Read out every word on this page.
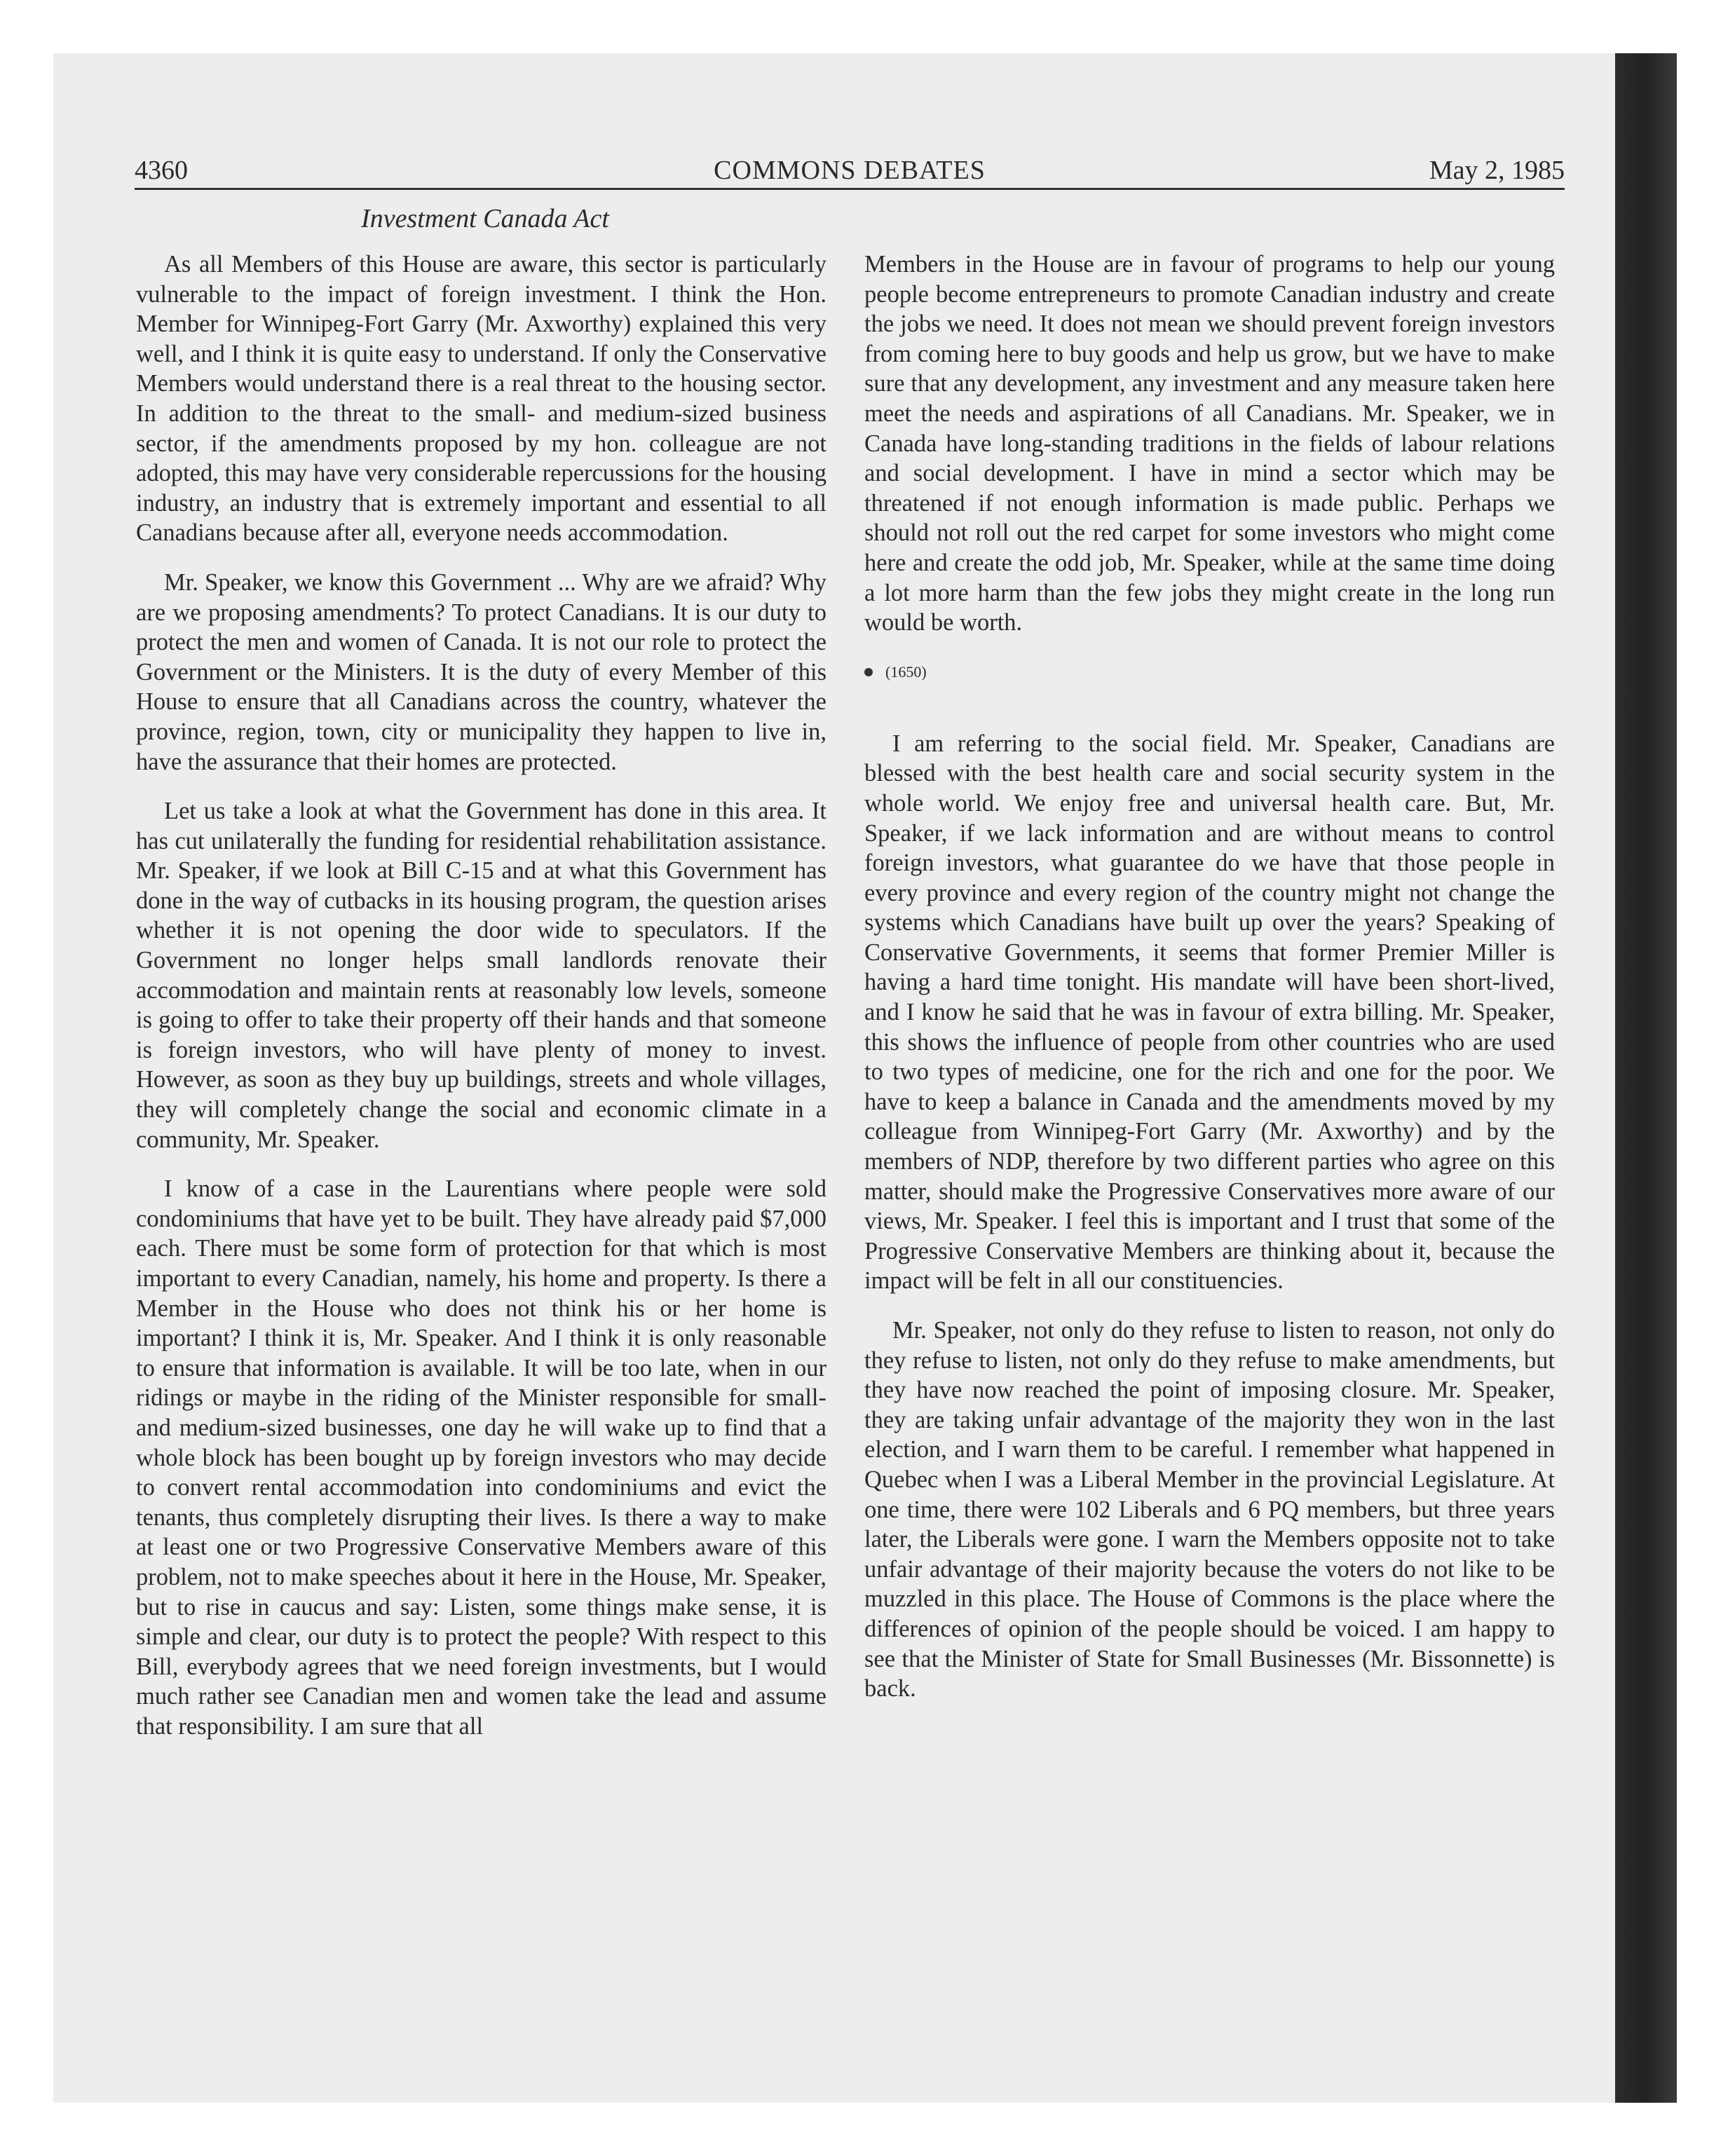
4360	COMMONS DEBATES	May 2, 1985
Investment Canada Act

As all Members of this House are aware, this sector is particularly vulnerable to the impact of foreign investment. I think the Hon. Member for Winnipeg-Fort Garry (Mr. Axworthy) explained this very well, and I think it is quite easy to understand. If only the Conservative Members would understand there is a real threat to the housing sector. In addition to the threat to the small- and medium-sized business sector, if the amendments proposed by my hon. colleague are not adopted, this may have very considerable repercussions for the housing industry, an industry that is extremely important and essential to all Canadians because after all, everyone needs accommodation.

Mr. Speaker, we know this Government ... Why are we afraid? Why are we proposing amendments? To protect Canadians. It is our duty to protect the men and women of Canada. It is not our role to protect the Government or the Ministers. It is the duty of every Member of this House to ensure that all Canadians across the country, whatever the province, region, town, city or municipality they happen to live in, have the assurance that their homes are protected.

Let us take a look at what the Government has done in this area. It has cut unilaterally the funding for residential rehabilitation assistance. Mr. Speaker, if we look at Bill C-15 and at what this Government has done in the way of cutbacks in its housing program, the question arises whether it is not opening the door wide to speculators. If the Government no longer helps small landlords renovate their accommodation and maintain rents at reasonably low levels, someone is going to offer to take their property off their hands and that someone is foreign investors, who will have plenty of money to invest. However, as soon as they buy up buildings, streets and whole villages, they will completely change the social and economic climate in a community, Mr. Speaker.

I know of a case in the Laurentians where people were sold condominiums that have yet to be built. They have already paid $7,000 each. There must be some form of protection for that which is most important to every Canadian, namely, his home and property. Is there a Member in the House who does not think his or her home is important? I think it is, Mr. Speaker. And I think it is only reasonable to ensure that information is available. It will be too late, when in our ridings or maybe in the riding of the Minister responsible for small- and medium-sized businesses, one day he will wake up to find that a whole block has been bought up by foreign investors who may decide to convert rental accommodation into condominiums and evict the tenants, thus completely disrupting their lives. Is there a way to make at least one or two Progressive Conservative Members aware of this problem, not to make speeches about it here in the House, Mr. Speaker, but to rise in caucus and say: Listen, some things make sense, it is simple and clear, our duty is to protect the people? With respect to this Bill, everybody agrees that we need foreign investments, but I would much rather see Canadian men and women take the lead and assume that responsibility. I am sure that all

Members in the House are in favour of programs to help our young people become entrepreneurs to promote Canadian industry and create the jobs we need. It does not mean we should prevent foreign investors from coming here to buy goods and help us grow, but we have to make sure that any development, any investment and any measure taken here meet the needs and aspirations of all Canadians. Mr. Speaker, we in Canada have long-standing traditions in the fields of labour relations and social development. I have in mind a sector which may be threatened if not enough information is made public. Perhaps we should not roll out the red carpet for some investors who might come here and create the odd job, Mr. Speaker, while at the same time doing a lot more harm than the few jobs they might create in the long run would be worth.

(1650)

I am referring to the social field. Mr. Speaker, Canadians are blessed with the best health care and social security system in the whole world. We enjoy free and universal health care. But, Mr. Speaker, if we lack information and are without means to control foreign investors, what guarantee do we have that those people in every province and every region of the country might not change the systems which Canadians have built up over the years? Speaking of Conservative Governments, it seems that former Premier Miller is having a hard time tonight. His mandate will have been short-lived, and I know he said that he was in favour of extra billing. Mr. Speaker, this shows the influence of people from other countries who are used to two types of medicine, one for the rich and one for the poor. We have to keep a balance in Canada and the amendments moved by my colleague from Winnipeg-Fort Garry (Mr. Axworthy) and by the members of NDP, therefore by two different parties who agree on this matter, should make the Progressive Conservatives more aware of our views, Mr. Speaker. I feel this is important and I trust that some of the Progressive Conservative Members are thinking about it, because the impact will be felt in all our constituencies.

Mr. Speaker, not only do they refuse to listen to reason, not only do they refuse to listen, not only do they refuse to make amendments, but they have now reached the point of imposing closure. Mr. Speaker, they are taking unfair advantage of the majority they won in the last election, and I warn them to be careful. I remember what happened in Quebec when I was a Liberal Member in the provincial Legislature. At one time, there were 102 Liberals and 6 PQ members, but three years later, the Liberals were gone. I warn the Members opposite not to take unfair advantage of their majority because the voters do not like to be muzzled in this place. The House of Commons is the place where the differences of opinion of the people should be voiced. I am happy to see that the Minister of State for Small Businesses (Mr. Bissonnette) is back.
